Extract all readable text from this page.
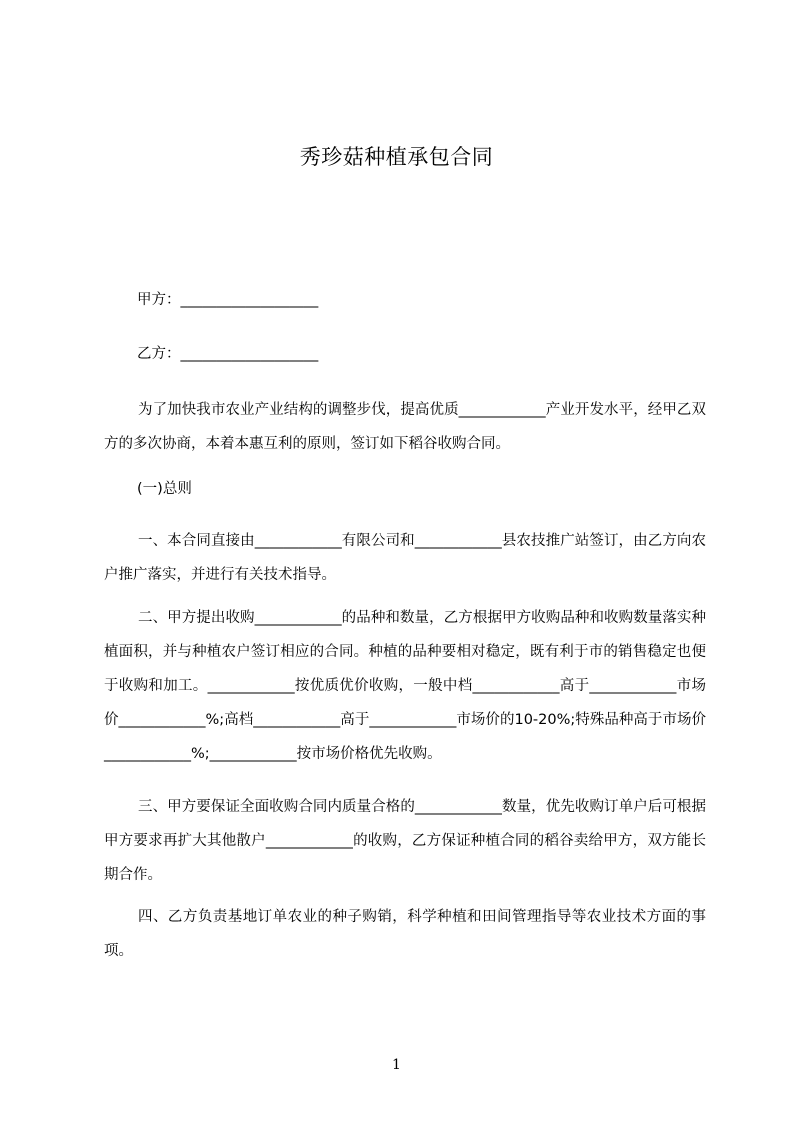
秀珍菇种植承包合同
甲方：___________________
乙方：___________________
为了加快我市农业产业结构的调整步伐，提高优质____________产业开发水平，经甲乙双方的多次协商，本着本惠互利的原则，签订如下稻谷收购合同。
(一)总则
一、本合同直接由____________有限公司和____________县农技推广站签订，由乙方向农户推广落实，并进行有关技术指导。
二、甲方提出收购____________的品种和数量，乙方根据甲方收购品种和收购数量落实种植面积，并与种植农户签订相应的合同。种植的品种要相对稳定，既有利于市的销售稳定也便于收购和加工。____________按优质优价收购，一般中档____________高于____________市场价____________%;高档____________高于____________市场价的10-20%;特殊品种高于市场价____________%;____________按市场价格优先收购。
三、甲方要保证全面收购合同内质量合格的____________数量，优先收购订单户后可根据甲方要求再扩大其他散户____________的收购，乙方保证种植合同的稻谷卖给甲方，双方能长期合作。
四、乙方负责基地订单农业的种子购销，科学种植和田间管理指导等农业技术方面的事项。
1
